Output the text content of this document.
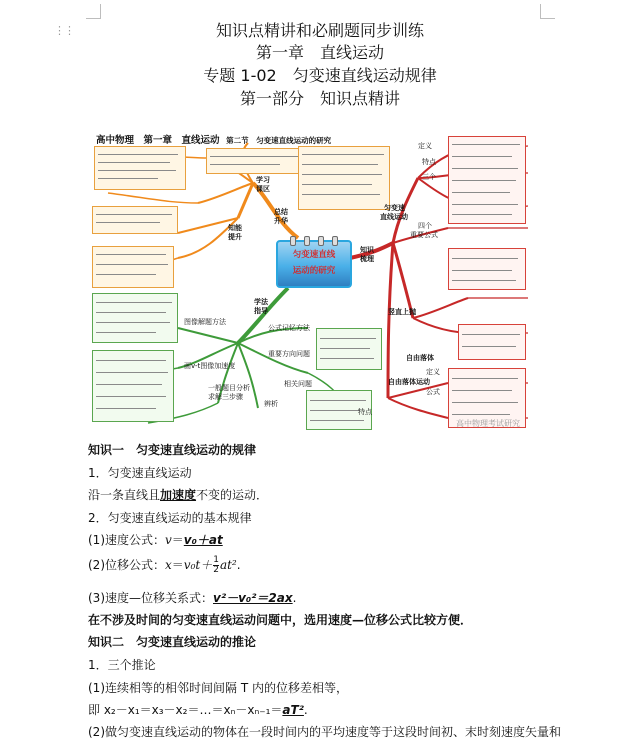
⋮⋮	知识点精讲和必刷题同步训练
第一章　直线运动
专题 1-02　匀变速直线运动规律
第一部分　知识点精讲
高中物理　第一章　直线运动 第二节　匀变速直线运动的研究
匀变速直线
运动的研究
学习
课区
总结
升华
知能
提升
学法
指导
知识
梳理
匀变速
直线运动
特点
三个
四个
重要公式
定义
自由落体
竖直上抛
自由落体运动
定义
公式
特点
图像解题方法
公式记忆方法
重要方向问题
画v-t图像加速度
一般题目分析
求解三步骤
相关问题
辨析
高中物理考试研究
知识一　匀变速直线运动的规律
1．匀变速直线运动
沿一条直线且加速度不变的运动．
2．匀变速直线运动的基本规律
(1)速度公式：v＝v₀＋at
(2)位移公式：$x=v_0t+\frac{1}{2}at^2$.
(3)速度—位移关系式：v²－v₀²＝2ax.
在不涉及时间的匀变速直线运动问题中，选用速度—位移公式比较方便．
知识二　匀变速直线运动的推论
1．三个推论
(1)连续相等的相邻时间间隔 T 内的位移差相等，
即 x₂－x₁＝x₃－x₂＝…＝xₙ－xₙ₋₁＝aT².
(2)做匀变速直线运动的物体在一段时间内的平均速度等于这段时间初、末时刻速度矢量和
